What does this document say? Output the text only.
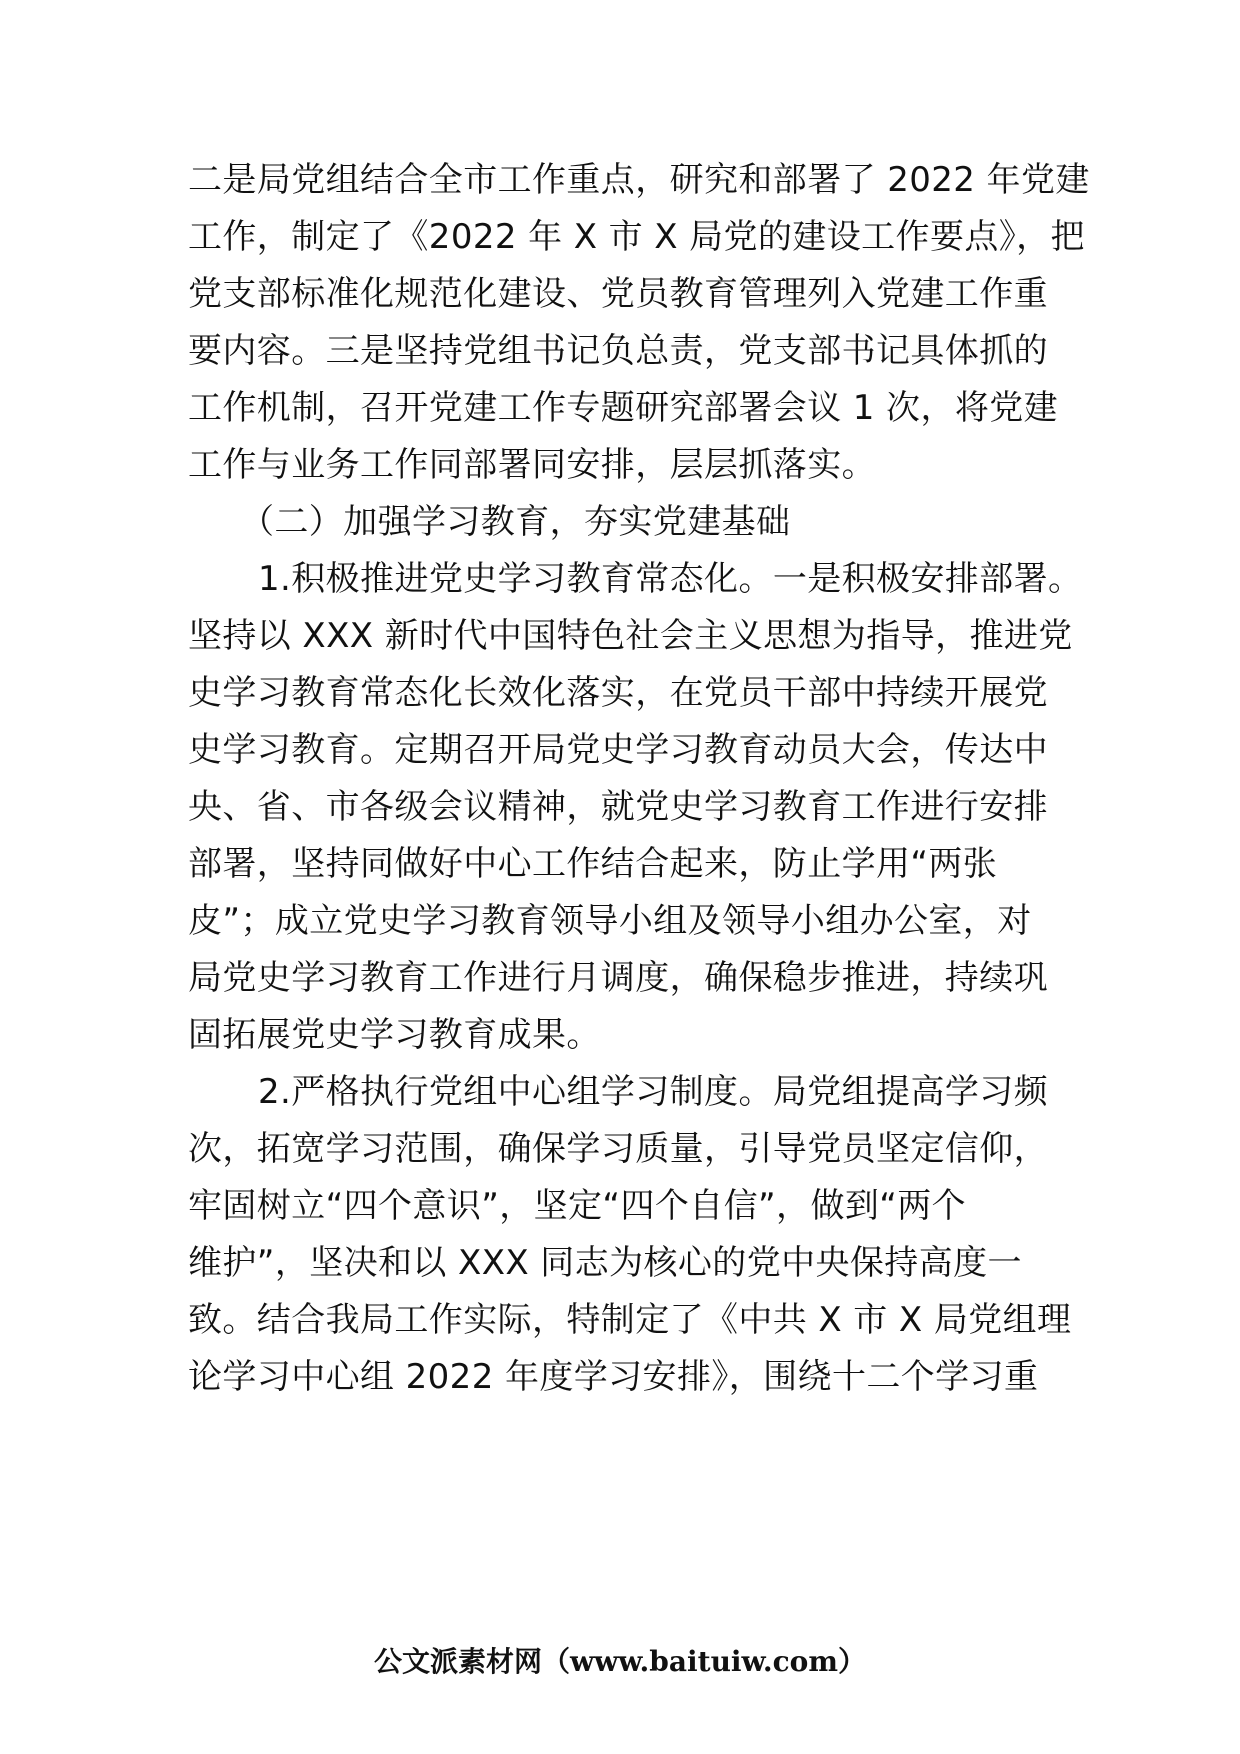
二是局党组结合全市工作重点，研究和部署了 2022 年党建
工作，制定了《2022 年 X 市 X 局党的建设工作要点》，把
党支部标准化规范化建设、党员教育管理列入党建工作重
要内容。三是坚持党组书记负总责，党支部书记具体抓的
工作机制，召开党建工作专题研究部署会议 1 次，将党建
工作与业务工作同部署同安排，层层抓落实。
（二）加强学习教育，夯实党建基础
1.积极推进党史学习教育常态化。一是积极安排部署。
坚持以 XXX 新时代中国特色社会主义思想为指导，推进党
史学习教育常态化长效化落实，在党员干部中持续开展党
史学习教育。定期召开局党史学习教育动员大会，传达中
央、省、市各级会议精神，就党史学习教育工作进行安排
部署，坚持同做好中心工作结合起来，防止学用“两张
皮”；成立党史学习教育领导小组及领导小组办公室，对
局党史学习教育工作进行月调度，确保稳步推进，持续巩
固拓展党史学习教育成果。
2.严格执行党组中心组学习制度。局党组提高学习频
次，拓宽学习范围，确保学习质量，引导党员坚定信仰，
牢固树立“四个意识”，坚定“四个自信”，做到“两个
维护”，坚决和以 XXX 同志为核心的党中央保持高度一
致。结合我局工作实际，特制定了《中共 X 市 X 局党组理
论学习中心组 2022 年度学习安排》，围绕十二个学习重
公文派素材网（www.baituiw.com）
